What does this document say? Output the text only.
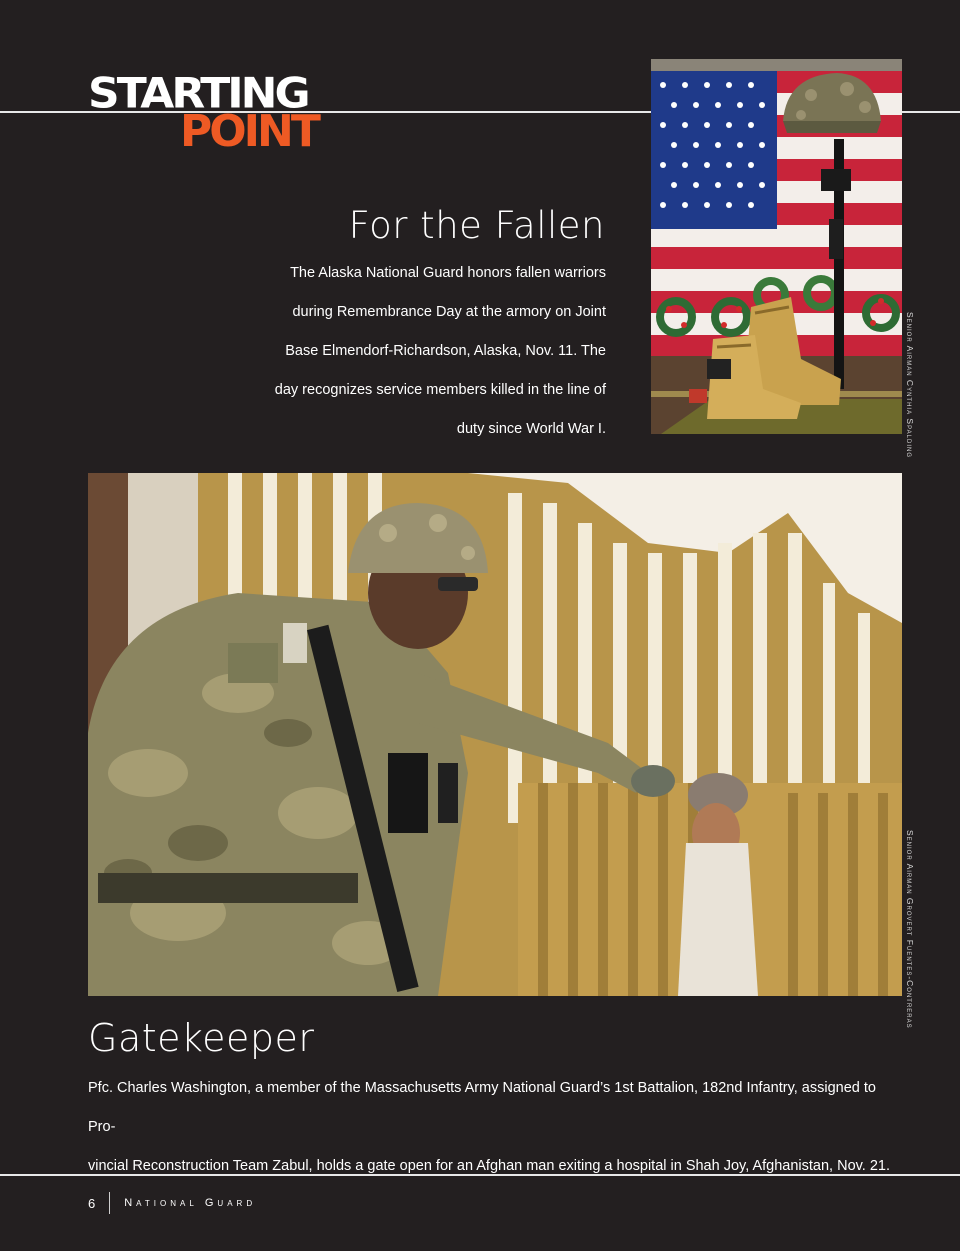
STARTING
POINT
For the Fallen
The Alaska National Guard honors fallen warriors
during Remembrance Day at the armory on Joint
Base Elmendorf-Richardson, Alaska, Nov. 11. The
day recognizes service members killed in the line of
duty since World War I.	Senior Airman Cynthia Spalding
Senior Airman Grovert Fuentes-Contreras
Gatekeeper
Pfc. Charles Washington, a member of the Massachusetts Army National Guard’s 1st Battalion, 182nd Infantry, assigned to Pro-
vincial Reconstruction Team Zabul, holds a gate open for an Afghan man exiting a hospital in Shah Joy, Afghanistan, Nov. 21.
6	National Guard
